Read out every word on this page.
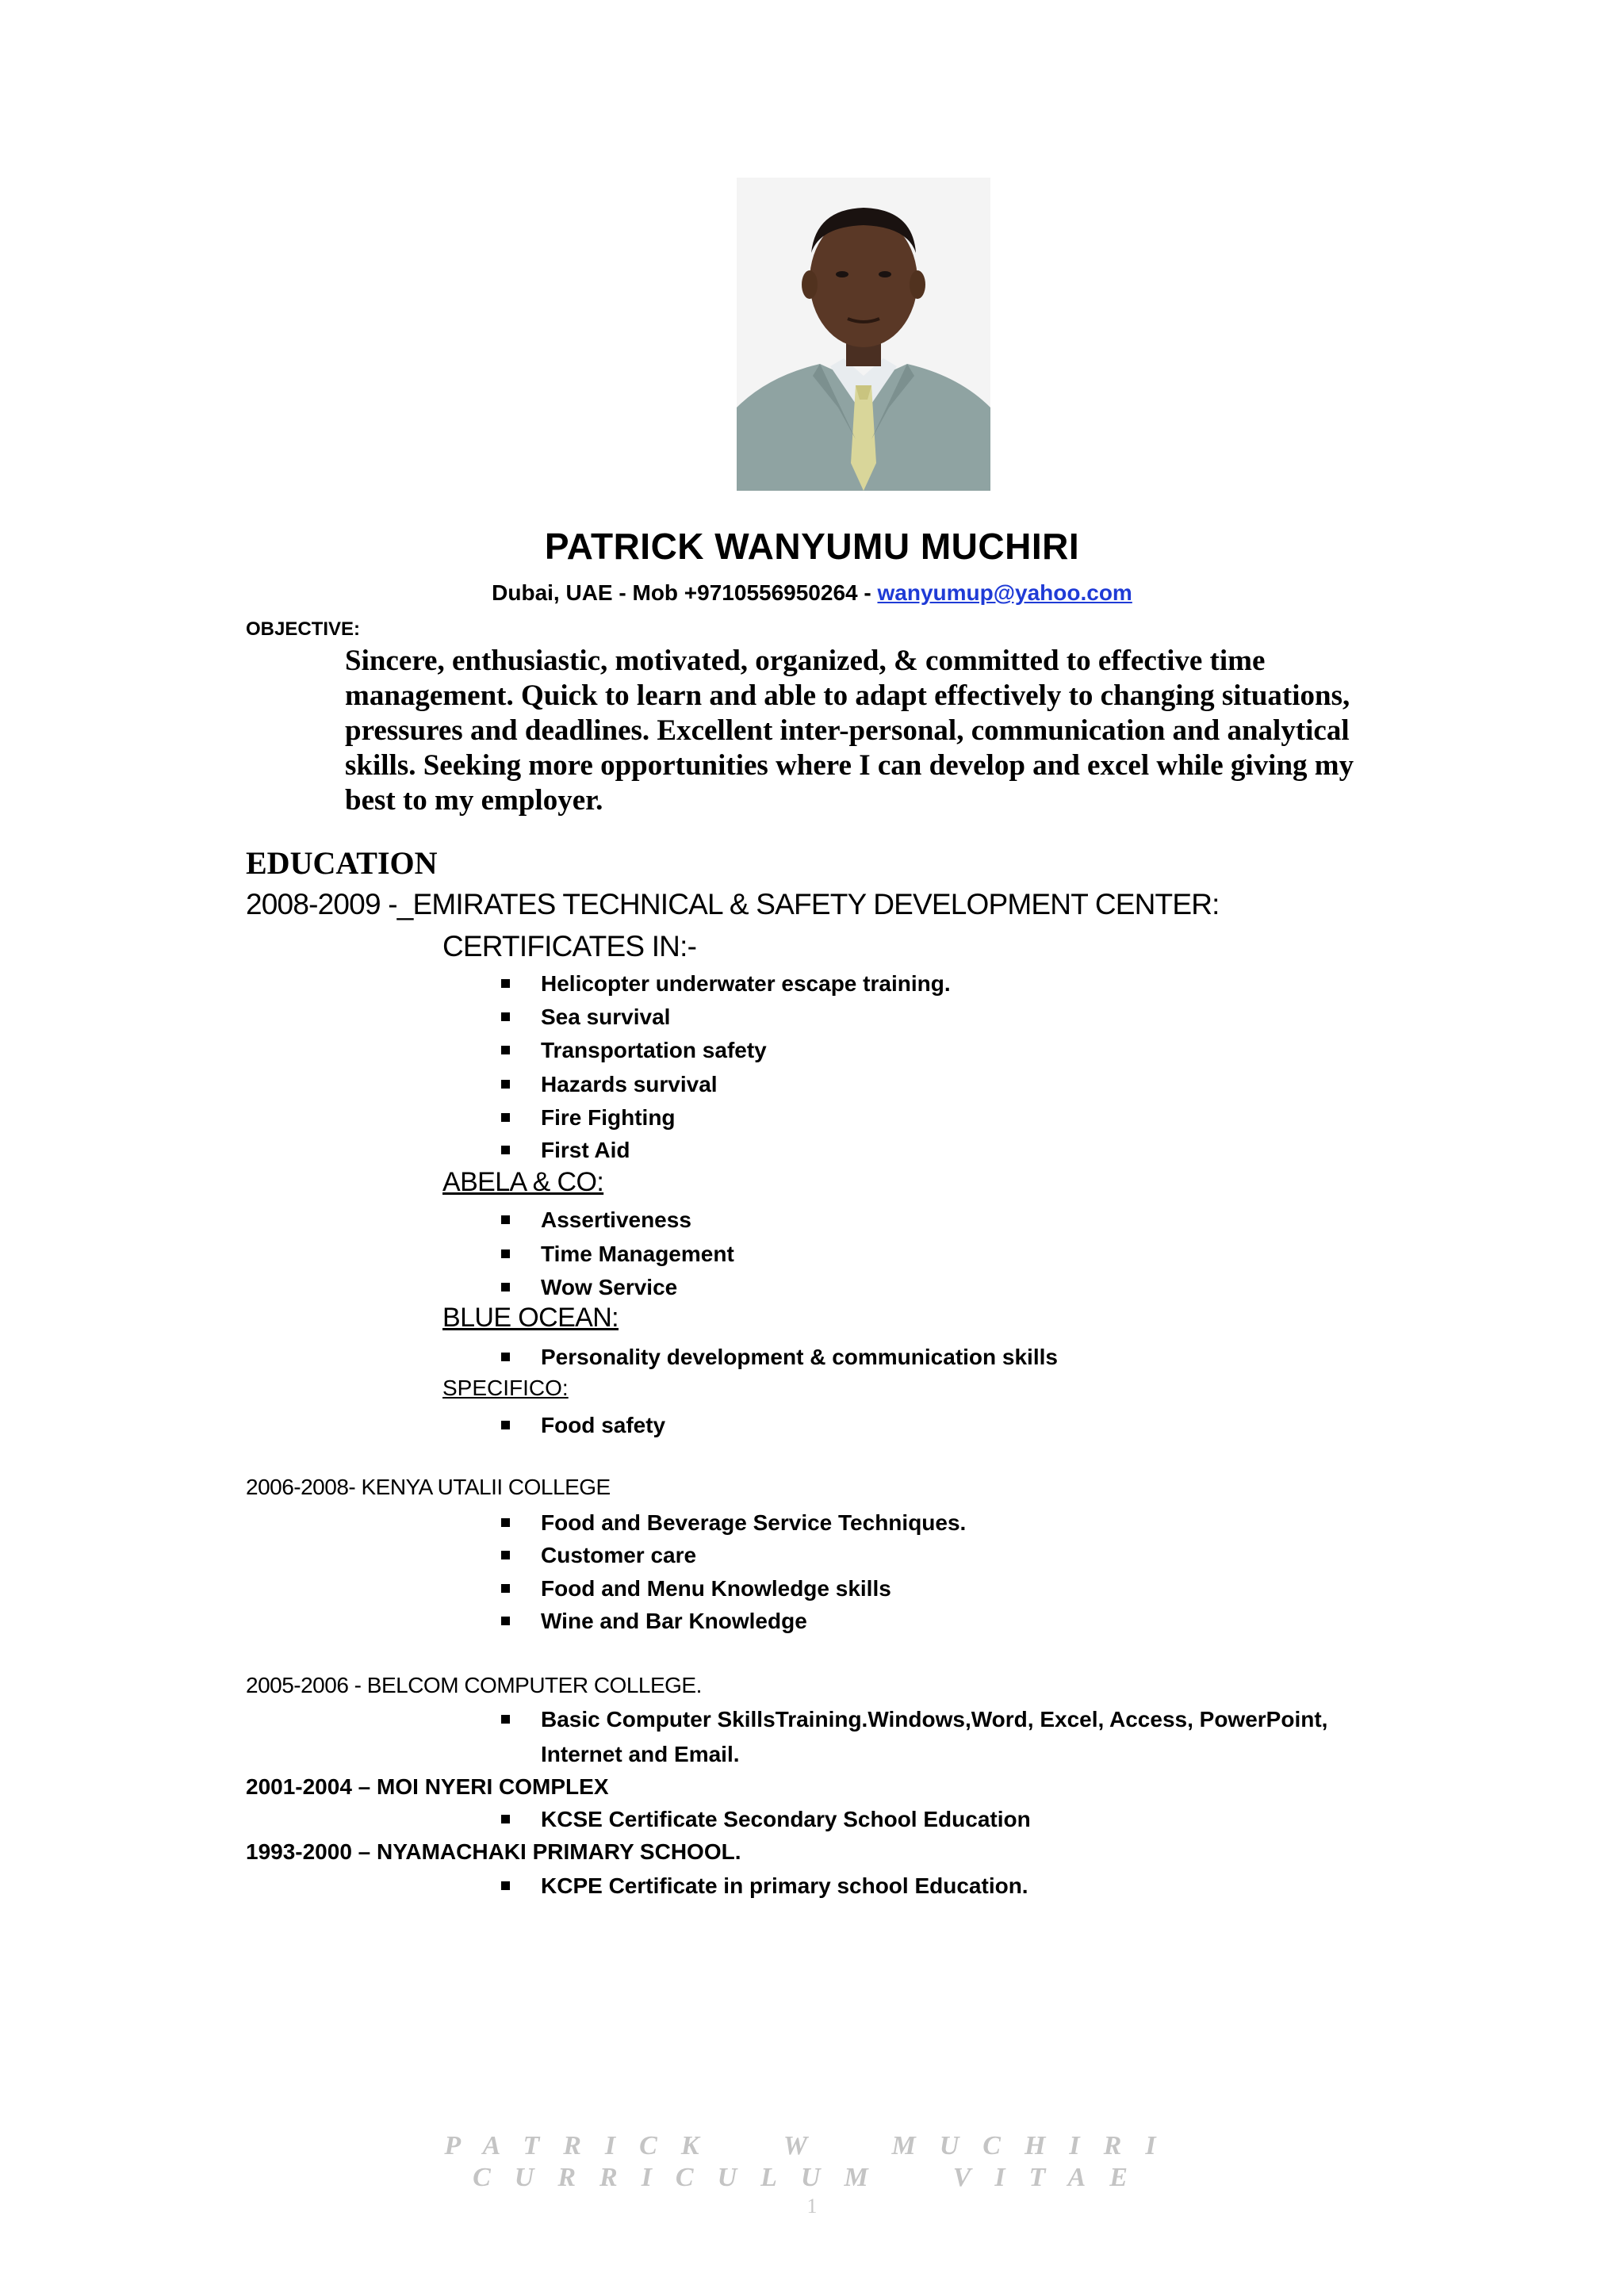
PATRICK WANYUMU MUCHIRI
Dubai, UAE - Mob +9710556950264 - wanyumup@yahoo.com
OBJECTIVE:
Sincere, enthusiastic, motivated, organized, & committed to effective time
management. Quick to learn and able to adapt effectively to changing situations,
pressures and deadlines. Excellent inter-personal, communication and analytical
skills. Seeking more opportunities where I can develop and excel while giving my
best to my employer.
EDUCATION
2008-2009 -_EMIRATES TECHNICAL & SAFETY DEVELOPMENT CENTER:
CERTIFICATES IN:-
Helicopter underwater escape training.
Sea survival
Transportation safety
Hazards survival
Fire Fighting
First Aid
ABELA & CO:
Assertiveness
Time Management
Wow Service
BLUE OCEAN:
Personality development & communication skills
SPECIFICO:
Food safety
2006-2008- KENYA UTALII COLLEGE
Food and Beverage Service Techniques.
Customer care
Food and Menu Knowledge skills
Wine and Bar Knowledge
2005-2006 - BELCOM COMPUTER COLLEGE.
Basic Computer SkillsTraining.Windows,Word, Excel, Access, PowerPoint,
Internet and Email.
2001-2004 – MOI NYERI COMPLEX
KCSE Certificate Secondary School Education
1993-2000 – NYAMACHAKI PRIMARY SCHOOL.
KCPE Certificate in primary school Education.
PATRICK  W  MUCHIRI
CURRICULUM  VITAE
1
